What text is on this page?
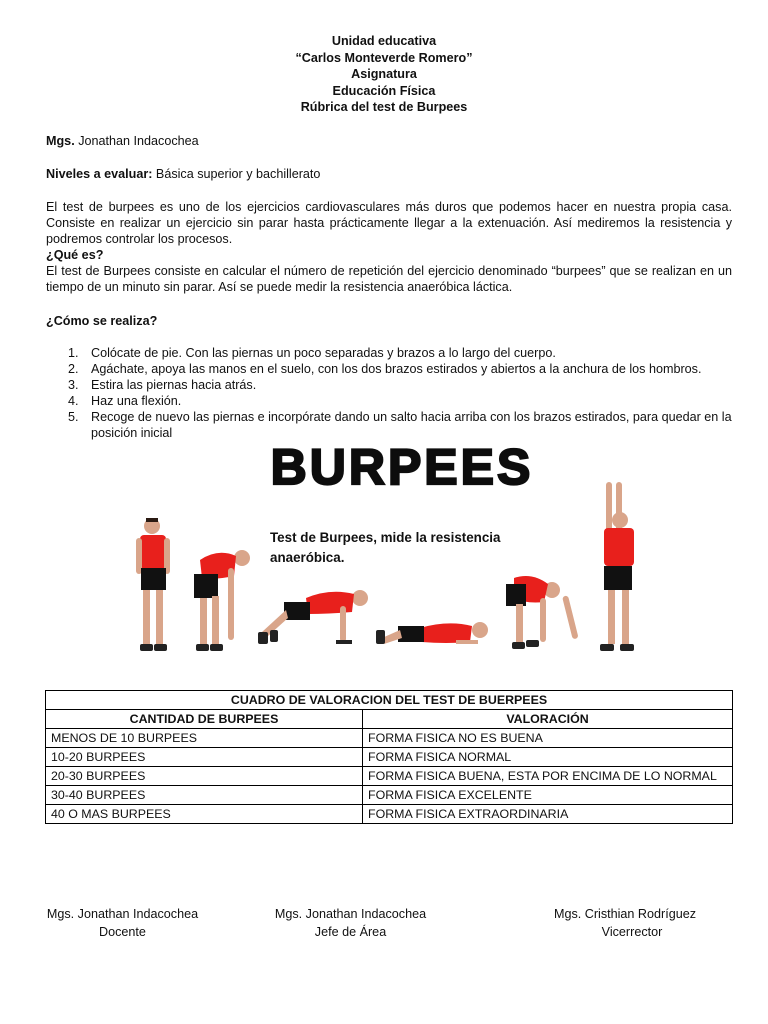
Unidad educativa
“Carlos Monteverde Romero”
Asignatura
Educación Física
Rúbrica del test de Burpees
Mgs. Jonathan Indacochea
Niveles a evaluar: Básica superior y bachillerato
El test de burpees es uno de los ejercicios cardiovasculares más duros que podemos hacer en nuestra propia casa. Consiste en realizar un ejercicio sin parar hasta prácticamente llegar a la extenuación. Así mediremos la resistencia y podremos controlar los procesos.
¿Qué es?
El test de Burpees consiste en calcular el número de repetición del ejercicio denominado “burpees” que se realizan en un tiempo de un minuto sin parar. Así se puede medir la resistencia anaeróbica láctica.
¿Cómo se realiza?
1. Colócate de pie. Con las piernas un poco separadas y brazos a lo largo del cuerpo.
2. Agáchate, apoya las manos en el suelo, con los dos brazos estirados y abiertos a la anchura de los hombros.
3. Estira las piernas hacia atrás.
4. Haz una flexión.
5. Recoge de nuevo las piernas e incorpórate dando un salto hacia arriba con los brazos estirados, para quedar en la posición inicial
BURPEES
Test de Burpees, mide la resistencia
anaeróbica.
CUADRO DE VALORACION DEL TEST DE BUERPEES	
CANTIDAD DE BURPEES	VALORACIÓN
MENOS DE 10 BURPEES	FORMA FISICA NO ES BUENA
10-20 BURPEES	FORMA FISICA NORMAL
20-30 BURPEES	FORMA FISICA BUENA, ESTA POR ENCIMA DE LO NORMAL
30-40 BURPEES	FORMA FISICA EXCELENTE
40 O MAS BURPEES	FORMA FISICA EXTRAORDINARIA
Mgs. Jonathan Indacochea
Docente
Mgs. Jonathan Indacochea
Jefe de Área
Mgs. Cristhian Rodríguez
Vicerrector
